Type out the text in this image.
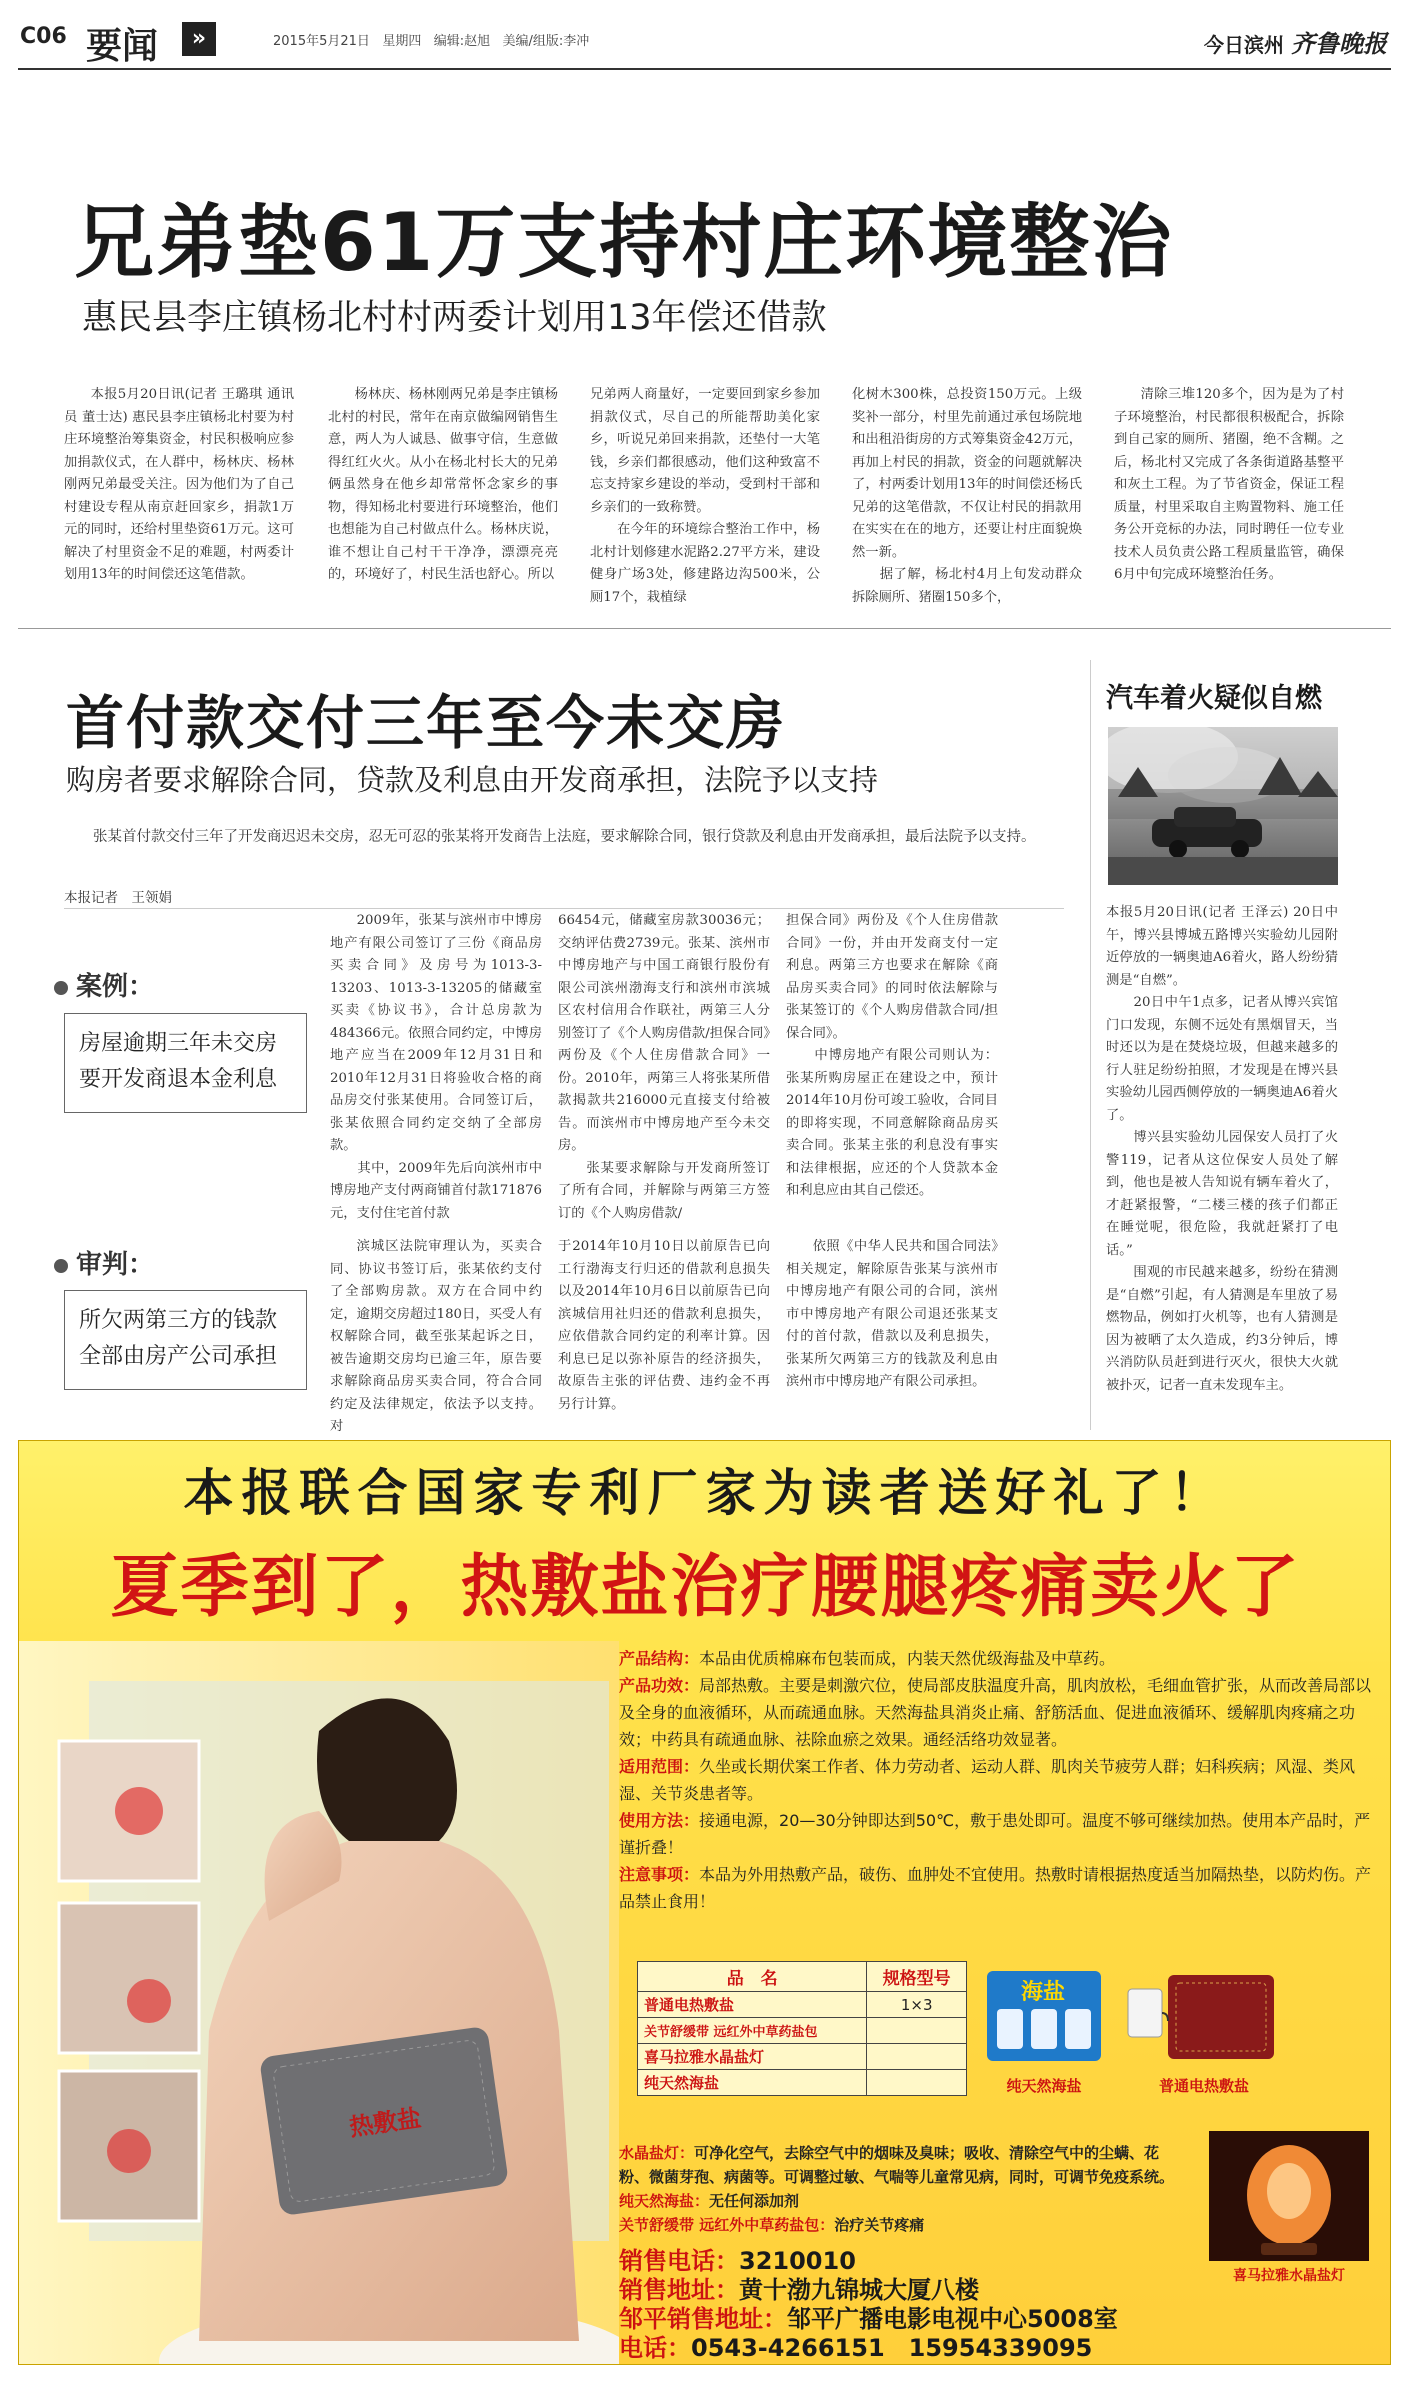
C06 要闻	»	2015年5月21日 星期四 编辑:赵旭 美编/组版:李冲	今日滨州 齐鲁晚报
兄弟垫61万支持村庄环境整治
惠民县李庄镇杨北村村两委计划用13年偿还借款
本报5月20日讯(记者 王璐琪 通讯员 董士达) 惠民县李庄镇杨北村要为村庄环境整治筹集资金，村民积极响应参加捐款仪式，在人群中，杨林庆、杨林刚两兄弟最受关注。因为他们为了自己村建设专程从南京赶回家乡，捐款1万元的同时，还给村里垫资61万元。这可解决了村里资金不足的难题，村两委计划用13年的时间偿还这笔借款。
杨林庆、杨林刚两兄弟是李庄镇杨北村的村民，常年在南京做编网销售生意，两人为人诚恳、做事守信，生意做得红红火火。从小在杨北村长大的兄弟俩虽然身在他乡却常常怀念家乡的事物，得知杨北村要进行环境整治，他们也想能为自己村做点什么。杨林庆说，谁不想让自己村干干净净，漂漂亮亮的，环境好了，村民生活也舒心。所以
兄弟两人商量好，一定要回到家乡参加捐款仪式，尽自己的所能帮助美化家乡，听说兄弟回来捐款，还垫付一大笔钱，乡亲们都很感动，他们这种致富不忘支持家乡建设的举动，受到村干部和乡亲们的一致称赞。
　　在今年的环境综合整治工作中，杨北村计划修建水泥路2.27平方米，建设健身广场3处，修建路边沟500米，公厕17个，栽植绿
化树木300株，总投资150万元。上级奖补一部分，村里先前通过承包场院地和出租沿街房的方式筹集资金42万元，再加上村民的捐款，资金的问题就解决了，村两委计划用13年的时间偿还杨氏兄弟的这笔借款，不仅让村民的捐款用在实实在在的地方，还要让村庄面貌焕然一新。
　　据了解，杨北村4月上旬发动群众拆除厕所、猪圈150多个，
清除三堆120多个，因为是为了村子环境整治，村民都很积极配合，拆除到自己家的厕所、猪圈，绝不含糊。之后，杨北村又完成了各条街道路基整平和灰土工程。为了节省资金，保证工程质量，村里采取自主购置物料、施工任务公开竞标的办法，同时聘任一位专业技术人员负责公路工程质量监管，确保6月中旬完成环境整治任务。
首付款交付三年至今未交房
购房者要求解除合同，贷款及利息由开发商承担，法院予以支持
张某首付款交付三年了开发商迟迟未交房，忍无可忍的张某将开发商告上法庭，要求解除合同，银行贷款及利息由开发商承担，最后法院予以支持。
本报记者　王领娟
案例：
房屋逾期三年未交房
要开发商退本金利息
审判：
所欠两第三方的钱款
全部由房产公司承担
2009年，张某与滨州市中博房地产有限公司签订了三份《商品房买卖合同》及房号为1013-3-13203、1013-3-13205的储藏室买卖《协议书》，合计总房款为484366元。依照合同约定，中博房地产应当在2009年12月31日和2010年12月31日将验收合格的商品房交付张某使用。合同签订后，张某依照合同约定交纳了全部房款。
　　其中，2009年先后向滨州市中博房地产支付两商铺首付款171876元，支付住宅首付款
66454元，储藏室房款30036元；交纳评估费2739元。张某、滨州市中博房地产与中国工商银行股份有限公司滨州渤海支行和滨州市滨城区农村信用合作联社，两第三人分别签订了《个人购房借款/担保合同》两份及《个人住房借款合同》一份。2010年，两第三人将张某所借款揭款共216000元直接支付给被告。而滨州市中博房地产至今未交房。
　　张某要求解除与开发商所签订了所有合同，并解除与两第三方签订的《个人购房借款/
担保合同》两份及《个人住房借款合同》一份，并由开发商支付一定利息。两第三方也要求在解除《商品房买卖合同》的同时依法解除与张某签订的《个人购房借款合同/担保合同》。
　　中博房地产有限公司则认为：张某所购房屋正在建设之中，预计2014年10月份可竣工验收，合同目的即将实现，不同意解除商品房买卖合同。张某主张的利息没有事实和法律根据，应还的个人贷款本金和利息应由其自己偿还。
滨城区法院审理认为，买卖合同、协议书签订后，张某依约支付了全部购房款。双方在合同中约定，逾期交房超过180日，买受人有权解除合同，截至张某起诉之日，被告逾期交房均已逾三年，原告要求解除商品房买卖合同，符合合同约定及法律规定，依法予以支持。对
于2014年10月10日以前原告已向工行渤海支行归还的借款利息损失以及2014年10月6日以前原告已向滨城信用社归还的借款利息损失，应依借款合同约定的利率计算。因利息已足以弥补原告的经济损失，故原告主张的评估费、违约金不再另行计算。
依照《中华人民共和国合同法》相关规定，解除原告张某与滨州市中博房地产有限公司的合同，滨州市中博房地产有限公司退还张某支付的首付款，借款以及利息损失，张某所欠两第三方的钱款及利息由滨州市中博房地产有限公司承担。
汽车着火疑似自燃
本报5月20日讯(记者 王泽云) 20日中午，博兴县博城五路博兴实验幼儿园附近停放的一辆奥迪A6着火，路人纷纷猜测是“自燃”。
　　20日中午1点多，记者从博兴宾馆门口发现，东侧不远处有黑烟冒天，当时还以为是在焚烧垃圾，但越来越多的行人驻足纷纷拍照，才发现是在博兴县实验幼儿园西侧停放的一辆奥迪A6着火了。
　　博兴县实验幼儿园保安人员打了火警119，记者从这位保安人员处了解到，他也是被人告知说有辆车着火了，才赶紧报警，“二楼三楼的孩子们都正在睡觉呢，很危险，我就赶紧打了电话。”
　　围观的市民越来越多，纷纷在猜测是“自燃”引起，有人猜测是车里放了易燃物品，例如打火机等，也有人猜测是因为被晒了太久造成，约3分钟后，博兴消防队员赶到进行灭火，很快大火就被扑灭，记者一直未发现车主。
本报联合国家专利厂家为读者送好礼了！
夏季到了，热敷盐治疗腰腿疼痛卖火了
热敷盐
产品结构：本品由优质棉麻布包装而成，内装天然优级海盐及中草药。
产品功效：局部热敷。主要是刺激穴位，使局部皮肤温度升高，肌肉放松，毛细血管扩张，从而改善局部以及全身的血液循环，从而疏通血脉。天然海盐具消炎止痛、舒筋活血、促进血液循环、缓解肌肉疼痛之功效；中药具有疏通血脉、祛除血瘀之效果。通经活络功效显著。
适用范围：久坐或长期伏案工作者、体力劳动者、运动人群、肌肉关节疲劳人群；妇科疾病；风湿、类风湿、关节炎患者等。
使用方法：接通电源，20—30分钟即达到50℃，敷于患处即可。温度不够可继续加热。使用本产品时，严谨折叠！
注意事项：本品为外用热敷产品，破伤、血肿处不宜使用。热敷时请根据热度适当加隔热垫，以防灼伤。产品禁止食用！
品　名	规格型号
普通电热敷盐	1×3
关节舒缓带 远红外中草药盐包	
喜马拉雅水晶盐灯	
纯天然海盐	
海盐
纯天然海盐	普通电热敷盐
水晶盐灯：可净化空气，去除空气中的烟味及臭味；吸收、清除空气中的尘螨、花粉、微菌芽孢、病菌等。可调整过敏、气喘等儿童常见病，同时，可调节免疫系统。
纯天然海盐：无任何添加剂
关节舒缓带 远红外中草药盐包：治疗关节疼痛
喜马拉雅水晶盐灯
销售电话：3210010
销售地址：黄十渤九锦城大厦八楼
邹平销售地址：邹平广播电影电视中心5008室
电话：0543-4266151　15954339095
